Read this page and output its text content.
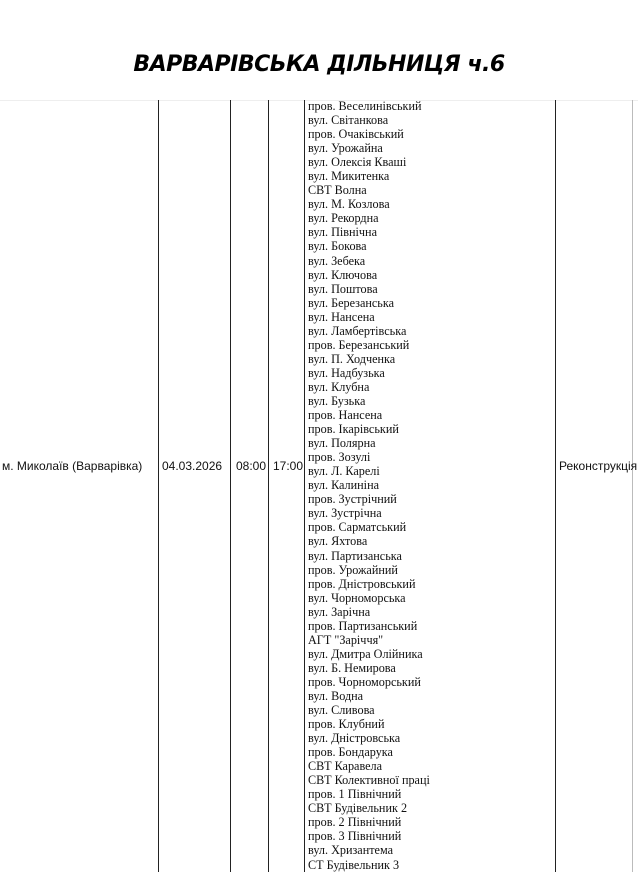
ВАРВАРІВСЬКА ДІЛЬНИЦЯ ч.6
м. Миколаїв (Варварівка) 04.03.2026 08:00 17:00
пров. Веселинівський
вул. Світанкова
пров. Очаківський
вул. Урожайна
вул. Олексія Кваші
вул. Микитенка
СВТ Волна
вул. М. Козлова
вул. Рекордна
вул. Північна
вул. Бокова
вул. Зебека
вул. Ключова
вул. Поштова
вул. Березанська
вул. Нансена
вул. Ламбертівська
пров. Березанський
вул. П. Ходченка
вул. Надбузька
вул. Клубна
вул. Бузька
пров. Нансена
пров. Ікарівський
вул. Полярна
пров. Зозулі
вул. Л. Карелі
вул. Калиніна
пров. Зустрічний
вул. Зустрічна
пров. Сарматський
вул. Яхтова
вул. Партизанська
пров. Урожайний
пров. Дністровський
вул. Чорноморська
вул. Зарічна
пров. Партизанський
АГТ "Заріччя"
вул. Дмитра Олійника
вул. Б. Немирова
пров. Чорноморський
вул. Водна
вул. Сливова
пров. Клубний
вул. Дністровська
пров. Бондарука
СВТ Каравела
СВТ Колективної праці
пров. 1 Північний
СВТ Будівельник 2
пров. 2 Північний
пров. 3 Північний
вул. Хризантема
СТ Будівельник 3
Реконструкція
